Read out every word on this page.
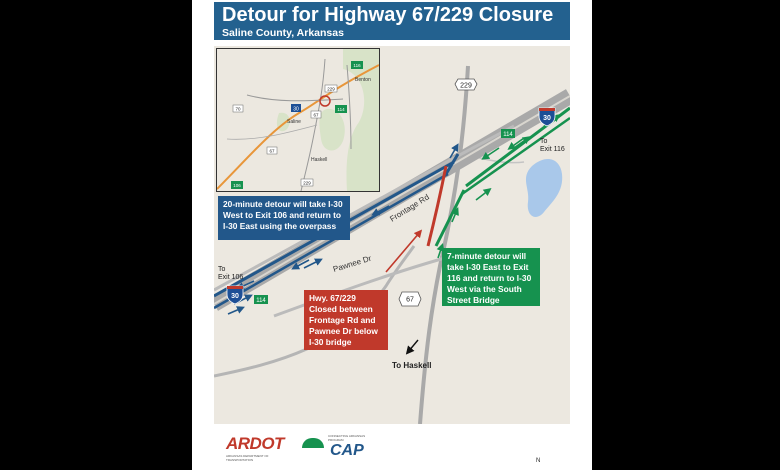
Detour for Highway 67/229 Closure
Saline County, Arkansas
229
67
30
30
114
114
Frontage Rd
Pawnee Dr
30
229
67
70	114
116
106
67
229
Benton
Saline
Haskell
20-minute detour will take I-30 West to Exit 106 and return to I-30 East using the overpass
Hwy. 67/229 Closed between Frontage Rd and Pawnee Dr below I-30 bridge
7-minute detour will take I-30 East to Exit 116 and return to I-30 West via the South Street Bridge
To
Exit 116
To
Exit 106
To Haskell
ARDOT
ARKANSAS DEPARTMENT OF TRANSPORTATION
CONNECTING ARKANSAS PROGRAM
CAP
N
